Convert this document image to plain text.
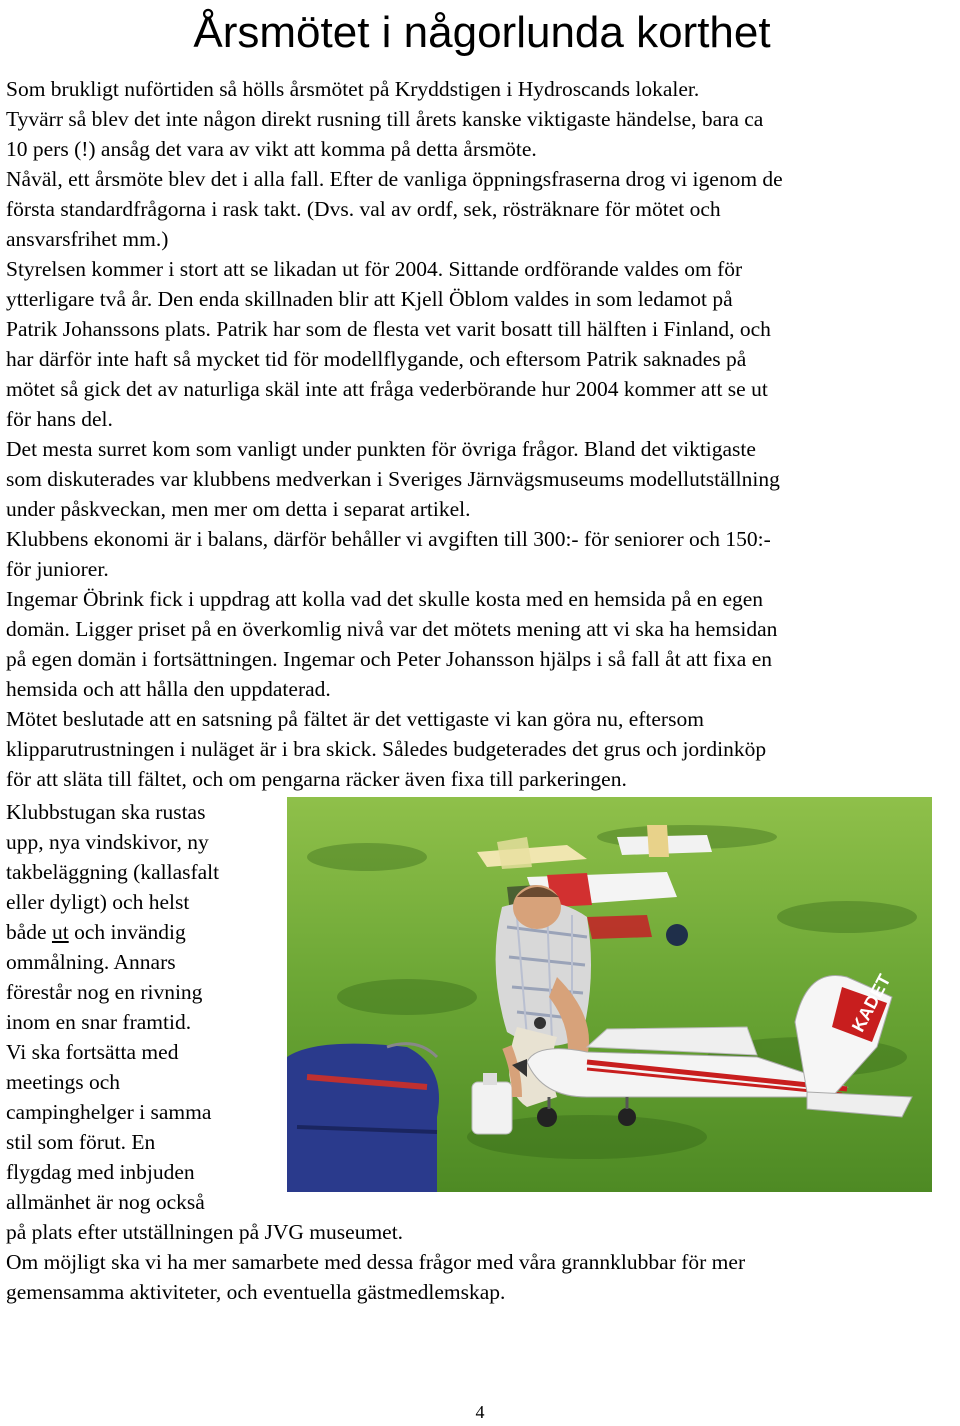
Årsmötet i någorlunda korthet

Som brukligt nuförtiden så hölls årsmötet på Kryddstigen i Hydroscands lokaler.

Tyvärr så blev det inte någon direkt rusning till årets kanske viktigaste händelse, bara ca

10 pers (!) ansåg det vara av vikt att komma på detta årsmöte.

Nåväl, ett årsmöte blev det i alla fall. Efter de vanliga öppningsfraserna drog vi igenom de

första standardfrågorna i rask takt. (Dvs. val av ordf, sek, rösträknare för mötet och

ansvarsfrihet mm.)

Styrelsen kommer i stort att se likadan ut för 2004. Sittande ordförande valdes om för

ytterligare två år. Den enda skillnaden blir att Kjell Öblom valdes in som ledamot på

Patrik Johanssons plats. Patrik har som de flesta vet varit bosatt till hälften i Finland, och

har därför inte haft så mycket tid för modellflygande, och eftersom Patrik saknades på

mötet så gick det av naturliga skäl inte att fråga vederbörande hur 2004 kommer att se ut

för hans del.

Det mesta surret kom som vanligt under punkten för övriga frågor. Bland det viktigaste

som diskuterades var klubbens medverkan i Sveriges Järnvägsmuseums modellutställning

under påskveckan, men mer om detta i separat artikel.

Klubbens ekonomi är i balans, därför behåller vi avgiften till 300:- för seniorer och 150:-

för juniorer.

Ingemar Öbrink fick i uppdrag att kolla vad det skulle kosta med en hemsida på en egen

domän. Ligger priset på en överkomlig nivå var det mötets mening att vi ska ha hemsidan

på egen domän i fortsättningen. Ingemar och Peter Johansson hjälps i så fall åt att fixa en

hemsida och att hålla den uppdaterad.

Mötet beslutade att en satsning på fältet är det vettigaste vi kan göra nu, eftersom

klipparutrustningen i nuläget är i bra skick. Således budgeterades det grus och jordinköp

för att släta till fältet, och om pengarna räcker även fixa till parkeringen.

Klubbstugan ska rustas

upp, nya vindskivor, ny

takbeläggning (kallasfalt

eller dyligt) och helst

både ut och invändig

ommålning. Annars

förestår nog en rivning

inom en snar framtid.

Vi ska fortsätta med

meetings och

campinghelger i samma

stil som förut. En

flygdag med inbjuden

allmänhet är nog också

KADET

på plats efter utställningen på JVG museumet.

Om möjligt ska vi ha mer samarbete med dessa frågor med våra grannklubbar för mer

gemensamma aktiviteter, och eventuella gästmedlemskap.

4
